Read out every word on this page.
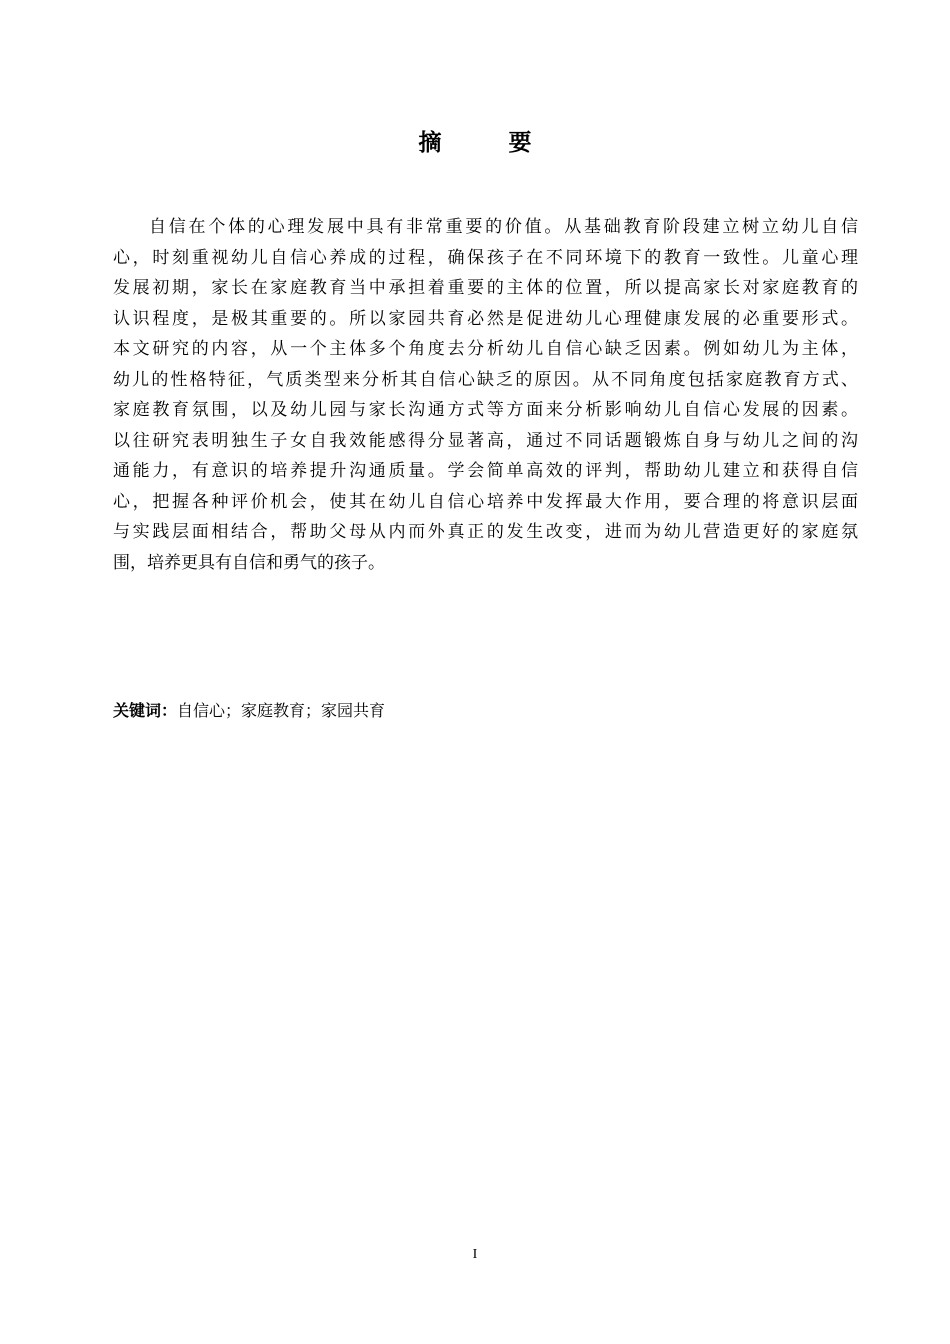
摘　要
自信在个体的心理发展中具有非常重要的价值。从基础教育阶段建立树立幼儿自信
心，时刻重视幼儿自信心养成的过程，确保孩子在不同环境下的教育一致性。儿童心理
发展初期，家长在家庭教育当中承担着重要的主体的位置，所以提高家长对家庭教育的
认识程度，是极其重要的。所以家园共育必然是促进幼儿心理健康发展的必重要形式。
本文研究的内容，从一个主体多个角度去分析幼儿自信心缺乏因素。例如幼儿为主体，
幼儿的性格特征，气质类型来分析其自信心缺乏的原因。从不同角度包括家庭教育方式、
家庭教育氛围，以及幼儿园与家长沟通方式等方面来分析影响幼儿自信心发展的因素。
以往研究表明独生子女自我效能感得分显著高，通过不同话题锻炼自身与幼儿之间的沟
通能力，有意识的培养提升沟通质量。学会简单高效的评判，帮助幼儿建立和获得自信
心，把握各种评价机会，使其在幼儿自信心培养中发挥最大作用，要合理的将意识层面
与实践层面相结合，帮助父母从内而外真正的发生改变，进而为幼儿营造更好的家庭氛
围，培养更具有自信和勇气的孩子。
关键词：自信心；家庭教育；家园共育
I
